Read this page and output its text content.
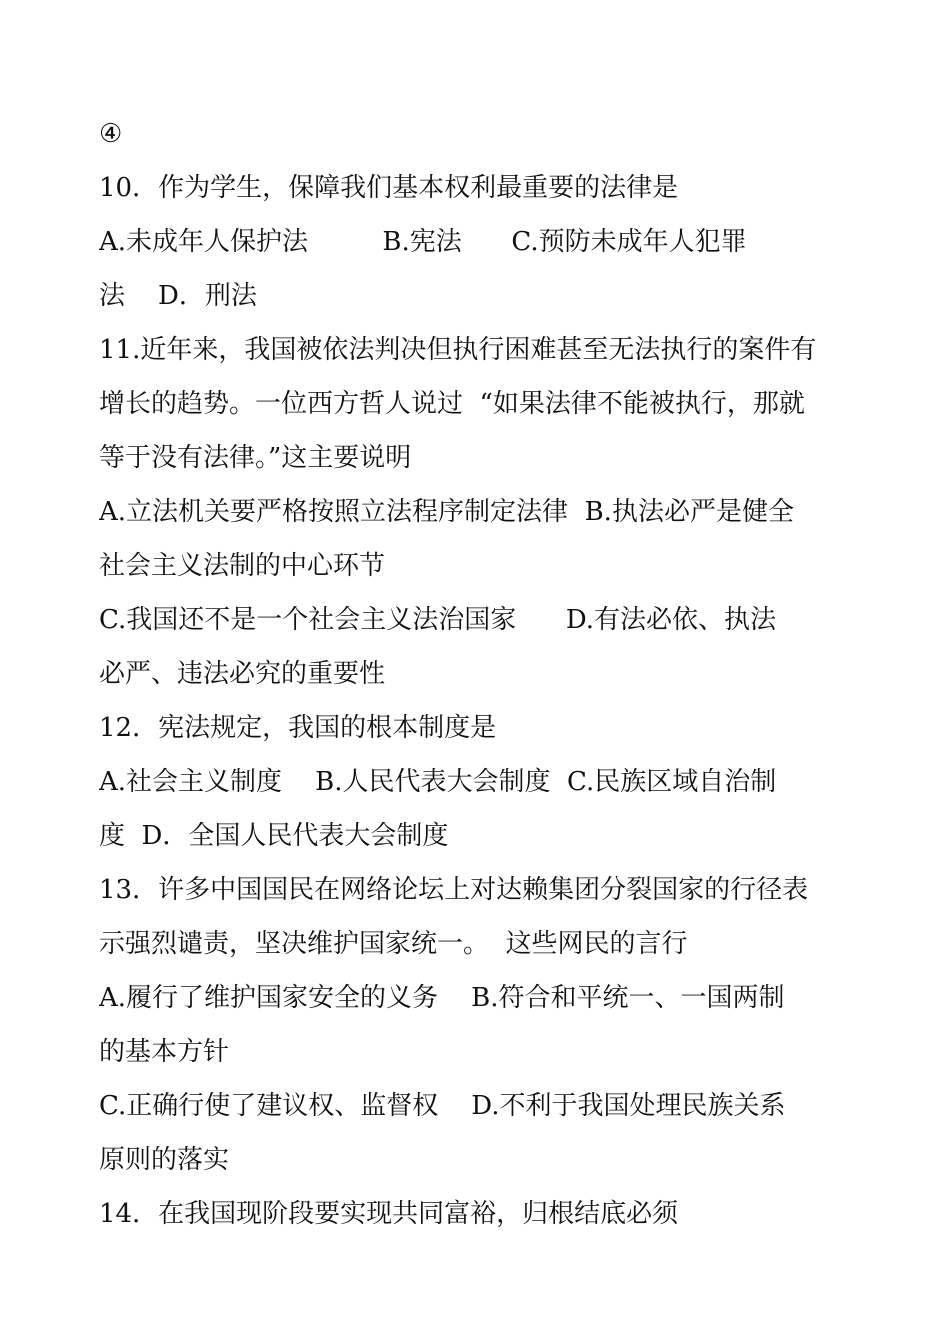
④
10．作为学生，保障我们基本权利最重要的法律是
A.未成年人保护法         B.宪法      C.预防未成年人犯罪
法    D．刑法
11.近年来，我国被依法判决但执行困难甚至无法执行的案件有
增长的趋势。一位西方哲人说过  “如果法律不能被执行，那就
等于没有法律。”这主要说明
A.立法机关要严格按照立法程序制定法律  B.执法必严是健全
社会主义法制的中心环节
C.我国还不是一个社会主义法治国家      D.有法必依、执法
必严、违法必究的重要性
12．宪法规定，我国的根本制度是
A.社会主义制度    B.人民代表大会制度  C.民族区域自治制
度  D．全国人民代表大会制度
13．许多中国国民在网络论坛上对达赖集团分裂国家的行径表
示强烈谴责，坚决维护国家统一。  这些网民的言行
A.履行了维护国家安全的义务    B.符合和平统一、一国两制
的基本方针
C.正确行使了建议权、监督权    D.不利于我国处理民族关系
原则的落实
14．在我国现阶段要实现共同富裕，归根结底必须
